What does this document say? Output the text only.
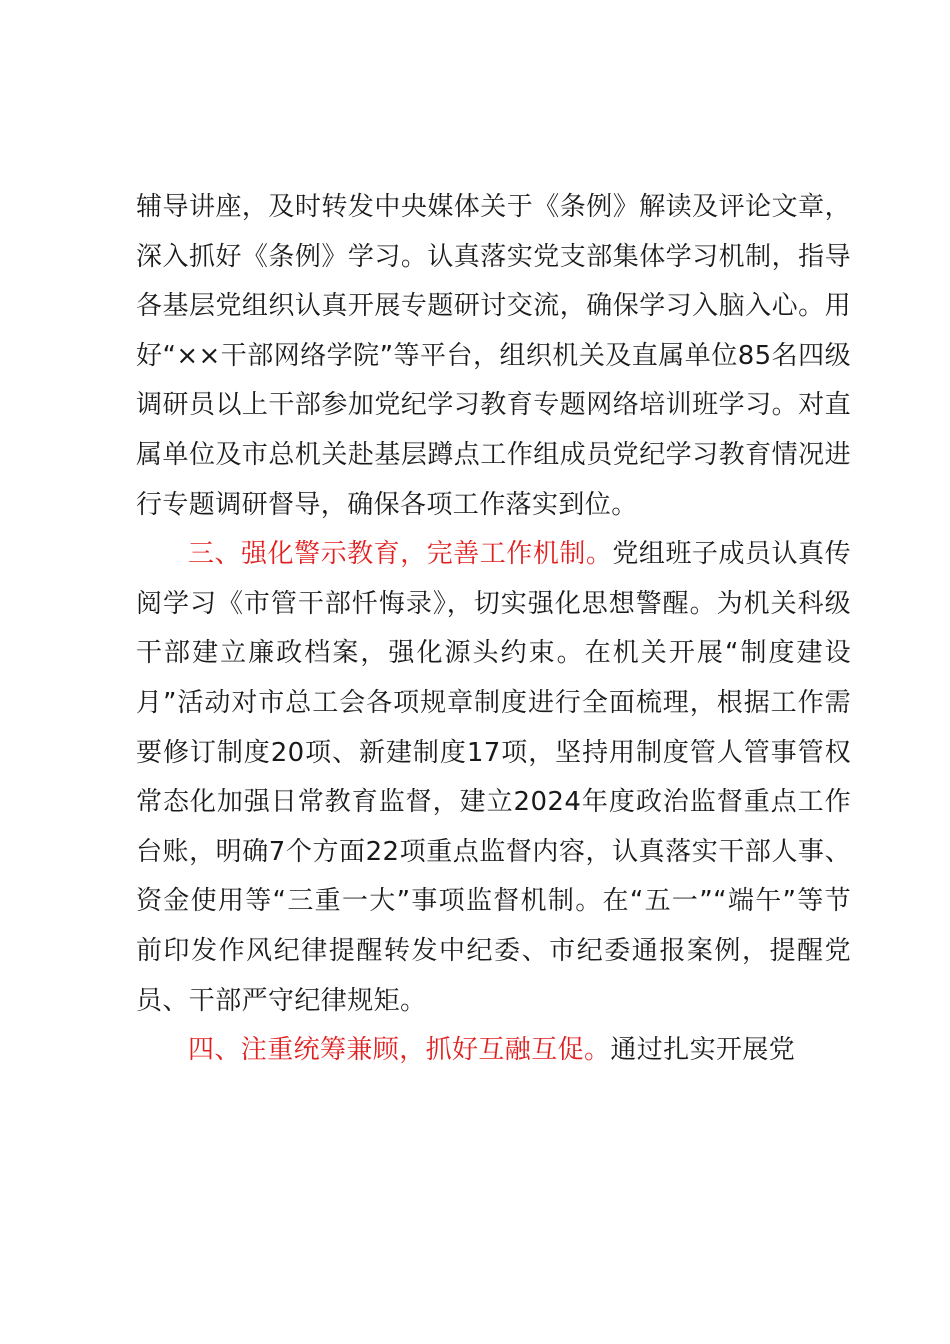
辅导讲座，及时转发中央媒体关于《条例》解读及评论文章，深入抓好《条例》学习。认真落实党支部集体学习机制，指导各基层党组织认真开展专题研讨交流，确保学习入脑入心。用好“××干部网络学院”等平台，组织机关及直属单位85名四级调研员以上干部参加党纪学习教育专题网络培训班学习。对直属单位及市总机关赴基层蹲点工作组成员党纪学习教育情况进行专题调研督导，确保各项工作落实到位。

三、强化警示教育，完善工作机制。党组班子成员认真传阅学习《市管干部忏悔录》，切实强化思想警醒。为机关科级干部建立廉政档案，强化源头约束。在机关开展“制度建设月”活动对市总工会各项规章制度进行全面梳理，根据工作需要修订制度20项、新建制度17项，坚持用制度管人管事管权常态化加强日常教育监督，建立2024年度政治监督重点工作台账，明确7个方面22项重点监督内容，认真落实干部人事、资金使用等“三重一大”事项监督机制。在“五一”“端午”等节前印发作风纪律提醒转发中纪委、市纪委通报案例，提醒党员、干部严守纪律规矩。

四、注重统筹兼顾，抓好互融互促。通过扎实开展党
